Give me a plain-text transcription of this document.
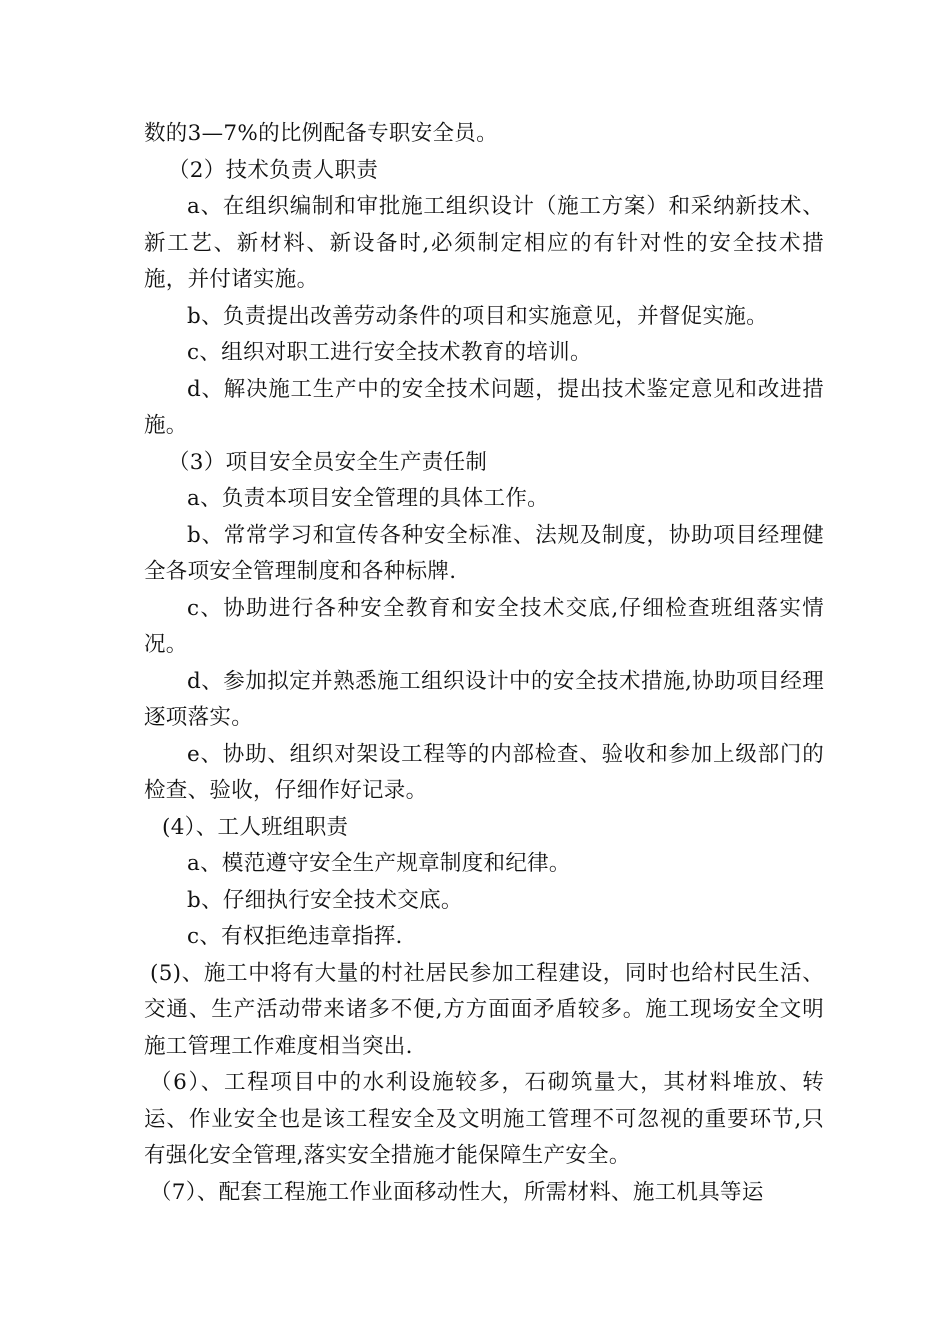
数的3—7%的比例配备专职安全员。

（2）技术负责人职责

a、在组织编制和审批施工组织设计（施工方案）和采纳新技术、新工艺、新材料、新设备时,必须制定相应的有针对性的安全技术措施，并付诸实施。

b、负责提出改善劳动条件的项目和实施意见，并督促实施。

c、组织对职工进行安全技术教育的培训。

d、解决施工生产中的安全技术问题，提出技术鉴定意见和改进措施。

（3）项目安全员安全生产责任制

a、负责本项目安全管理的具体工作。

b、常常学习和宣传各种安全标准、法规及制度，协助项目经理健全各项安全管理制度和各种标牌.

c、协助进行各种安全教育和安全技术交底,仔细检查班组落实情况。

d、参加拟定并熟悉施工组织设计中的安全技术措施,协助项目经理逐项落实。

e、协助、组织对架设工程等的内部检查、验收和参加上级部门的检查、验收，仔细作好记录。

(4）、工人班组职责

a、模范遵守安全生产规章制度和纪律。

b、仔细执行安全技术交底。

c、有权拒绝违章指挥.

(5)、施工中将有大量的村社居民参加工程建设，同时也给村民生活、交通、生产活动带来诸多不便,方方面面矛盾较多。施工现场安全文明施工管理工作难度相当突出.

（6）、工程项目中的水利设施较多，石砌筑量大，其材料堆放、转运、作业安全也是该工程安全及文明施工管理不可忽视的重要环节,只有强化安全管理,落实安全措施才能保障生产安全。

（7）、配套工程施工作业面移动性大，所需材料、施工机具等运
